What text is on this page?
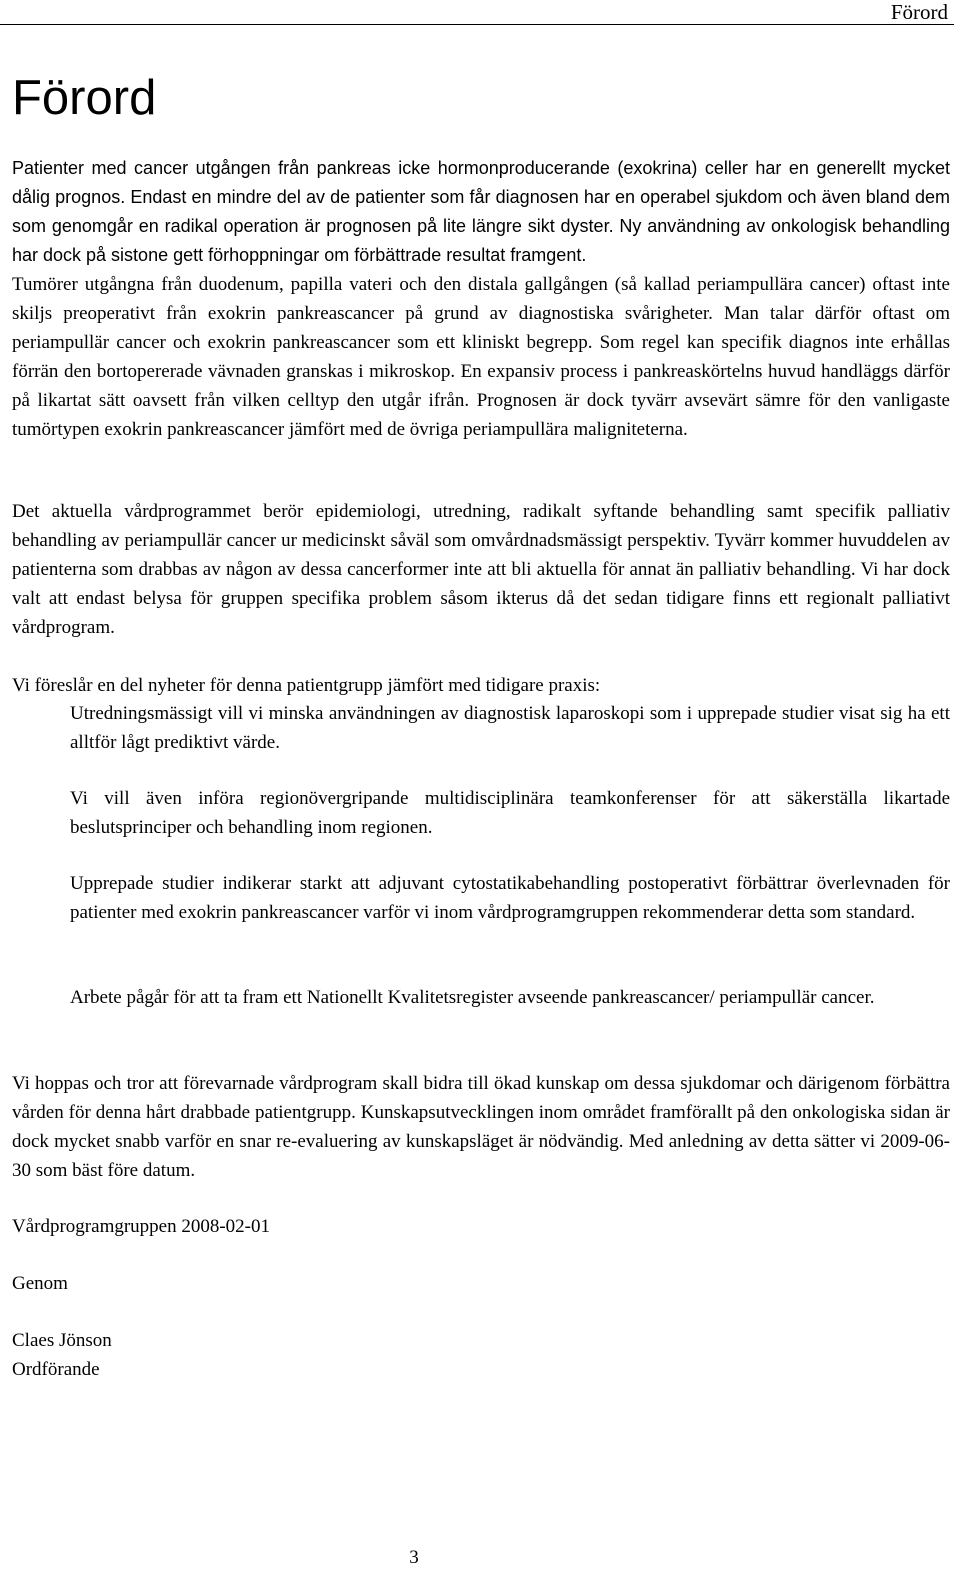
Förord
Förord

Patienter med cancer utgången från pankreas icke hormonproducerande (exokrina) celler har en generellt mycket dålig prognos. Endast en mindre del av de patienter som får diagnosen har en operabel sjukdom och även bland dem som genomgår en radikal operation är prognosen på lite längre sikt dyster. Ny användning av onkologisk behandling har dock på sistone gett förhoppningar om förbättrade resultat framgent.

Tumörer utgångna från duodenum, papilla vateri och den distala gallgången (så kallad periampullära cancer) oftast inte skiljs preoperativt från exokrin pankreascancer på grund av diagnostiska svårigheter. Man talar därför oftast om periampullär cancer och exokrin pankreascancer som ett kliniskt begrepp. Som regel kan specifik diagnos inte erhållas förrän den bortopererade vävnaden granskas i mikroskop. En expansiv process i pankreaskörtelns huvud handläggs därför på likartat sätt oavsett från vilken celltyp den utgår ifrån. Prognosen är dock tyvärr avsevärt sämre för den vanligaste tumörtypen exokrin pankreascancer jämfört med de övriga periampullära maligniteterna.

Det aktuella vårdprogrammet berör epidemiologi, utredning, radikalt syftande behandling samt specifik palliativ behandling av periampullär cancer ur medicinskt såväl som omvårdnadsmässigt perspektiv. Tyvärr kommer huvuddelen av patienterna som drabbas av någon av dessa cancerformer inte att bli aktuella för annat än palliativ behandling. Vi har dock valt att endast belysa för gruppen specifika problem såsom ikterus då det sedan tidigare finns ett regionalt palliativt vårdprogram.

Vi föreslår en del nyheter för denna patientgrupp jämfört med tidigare praxis:

Utredningsmässigt vill vi minska användningen av diagnostisk laparoskopi som i upprepade studier visat sig ha ett alltför lågt prediktivt värde.

Vi vill även införa regionövergripande multidisciplinära teamkonferenser för att säkerställa likartade beslutsprinciper och behandling inom regionen.

Upprepade studier indikerar starkt att adjuvant cytostatikabehandling postoperativt förbättrar överlevnaden för patienter med exokrin pankreascancer varför vi inom vårdprogramgruppen rekommenderar detta som standard.

Arbete pågår för att ta fram ett Nationellt Kvalitetsregister avseende pankreascancer/ periampullär cancer.

Vi hoppas och tror att förevarnade vårdprogram skall bidra till ökad kunskap om dessa sjukdomar och därigenom förbättra vården för denna hårt drabbade patientgrupp. Kunskapsutvecklingen inom området framförallt på den onkologiska sidan är dock mycket snabb varför en snar re-evaluering av kunskapsläget är nödvändig. Med anledning av detta sätter vi 2009-06-30 som bäst före datum.

Vårdprogramgruppen 2008-02-01

Genom

Claes Jönson

Ordförande

3
